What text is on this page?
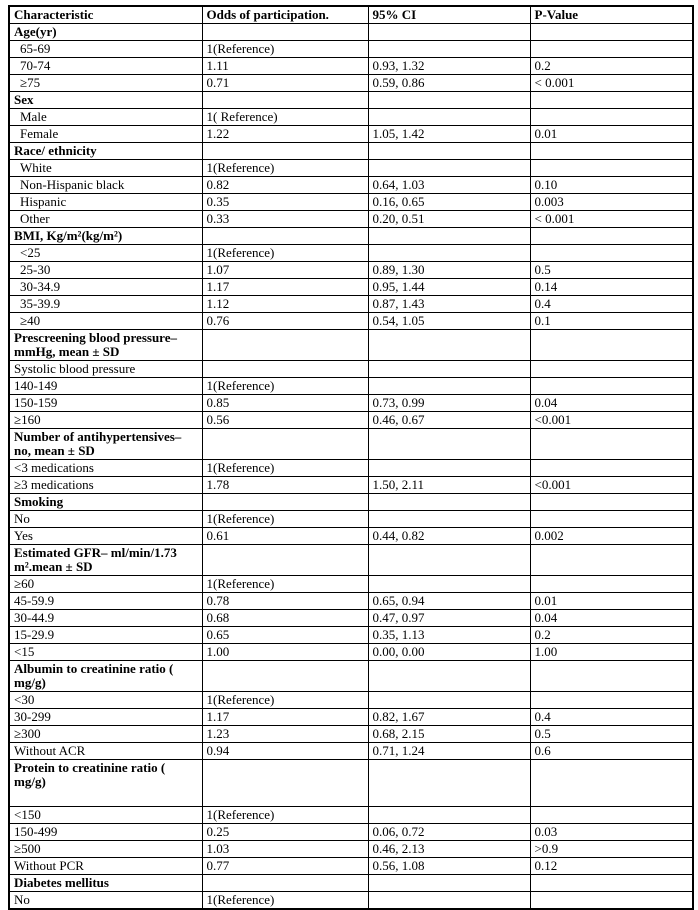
Characteristic	Odds of participation.	95% CI	P-Value
Age(yr)			
65-69	1(Reference)		
70-74	1.11	0.93, 1.32	0.2
≥75	0.71	0.59, 0.86	< 0.001
Sex			
Male	1( Reference)		
Female	1.22	1.05, 1.42	0.01
Race/ ethnicity			
White	1(Reference)		
Non-Hispanic black	0.82	0.64, 1.03	0.10
Hispanic	0.35	0.16, 0.65	0.003
Other	0.33	0.20, 0.51	< 0.001
BMI, Kg/m²(kg/m²)			
<25	1(Reference)		
25-30	1.07	0.89, 1.30	0.5
30-34.9	1.17	0.95, 1.44	0.14
35-39.9	1.12	0.87, 1.43	0.4
≥40	0.76	0.54, 1.05	0.1
Prescreening blood pressure–
mmHg, mean ± SD			
Systolic blood pressure			
140-149	1(Reference)		
150-159	0.85	0.73, 0.99	0.04
≥160	0.56	0.46, 0.67	<0.001
Number of antihypertensives–
no, mean ± SD			
<3 medications	1(Reference)		
≥3 medications	1.78	1.50, 2.11	<0.001
Smoking			
No	1(Reference)		
Yes	0.61	0.44, 0.82	0.002
Estimated GFR– ml/min/1.73
m².mean ± SD			
≥60	1(Reference)		
45-59.9	0.78	0.65, 0.94	0.01
30-44.9	0.68	0.47, 0.97	0.04
15-29.9	0.65	0.35, 1.13	0.2
<15	1.00	0.00, 0.00	1.00
Albumin to creatinine ratio (
mg/g)			
<30	1(Reference)		
30-299	1.17	0.82, 1.67	0.4
≥300	1.23	0.68, 2.15	0.5
Without ACR	0.94	0.71, 1.24	0.6
Protein to creatinine ratio (
mg/g)			
<150	1(Reference)		
150-499	0.25	0.06, 0.72	0.03
≥500	1.03	0.46, 2.13	>0.9
Without PCR	0.77	0.56, 1.08	0.12
Diabetes mellitus			
No	1(Reference)		
